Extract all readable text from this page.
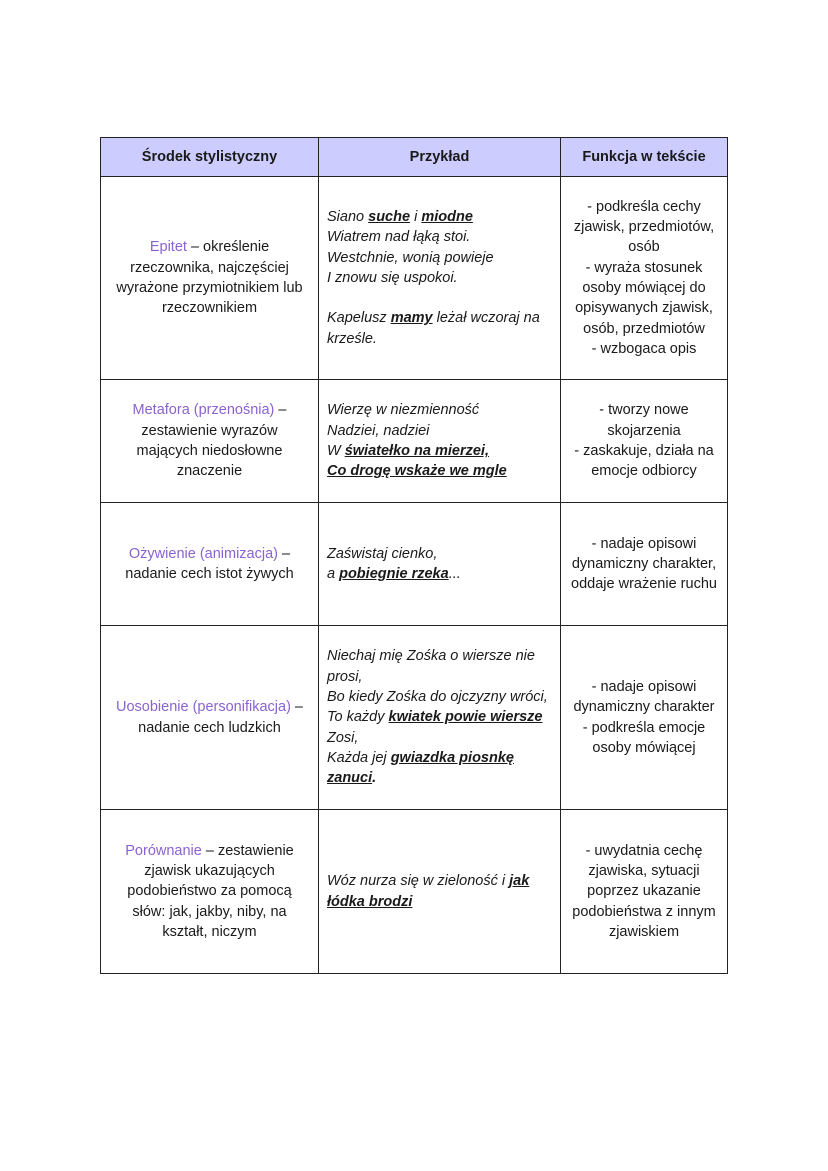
Środek stylistyczny	Przykład	Funkcja w tekście
Epitet – określenie rzeczownika, najczęściej wyrażone przymiotnikiem lub rzeczownikiem	Siano suche i miodne
Wiatrem nad łąką stoi.
Westchnie, wonią powieje
I znowu się uspokoi.
Kapelusz mamy leżał wczoraj na krześle.	- podkreśla cechy zjawisk, przedmiotów, osób
- wyraża stosunek osoby mówiącej do opisywanych zjawisk, osób, przedmiotów
- wzbogaca opis

Metafora (przenośnia) – zestawienie wyrazów mających niedosłowne znaczenie	Wierzę w niezmienność
Nadziei, nadziei
W światełko na mierzei,
Co drogę wskaże we mgle	- tworzy nowe skojarzenia
- zaskakuje, działa na emocje odbiorcy

Ożywienie (animizacja) – nadanie cech istot żywych	Zaświstaj cienko,
a pobiegnie rzeka...	- nadaje opisowi dynamiczny charakter, oddaje wrażenie ruchu

Uosobienie (personifikacja) – nadanie cech ludzkich	Niechaj mię Zośka o wiersze nie prosi,
Bo kiedy Zośka do ojczyzny wróci,
To każdy kwiatek powie wiersze Zosi,
Każda jej gwiazdka piosnkę zanuci.	- nadaje opisowi dynamiczny charakter
- podkreśla emocje osoby mówiącej

Porównanie – zestawienie zjawisk ukazujących podobieństwo za pomocą słów: jak, jakby, niby, na kształt, niczym	Wóz nurza się w zieloność i jak łódka brodzi	- uwydatnia cechę zjawiska, sytuacji poprzez ukazanie podobieństwa z innym zjawiskiem
